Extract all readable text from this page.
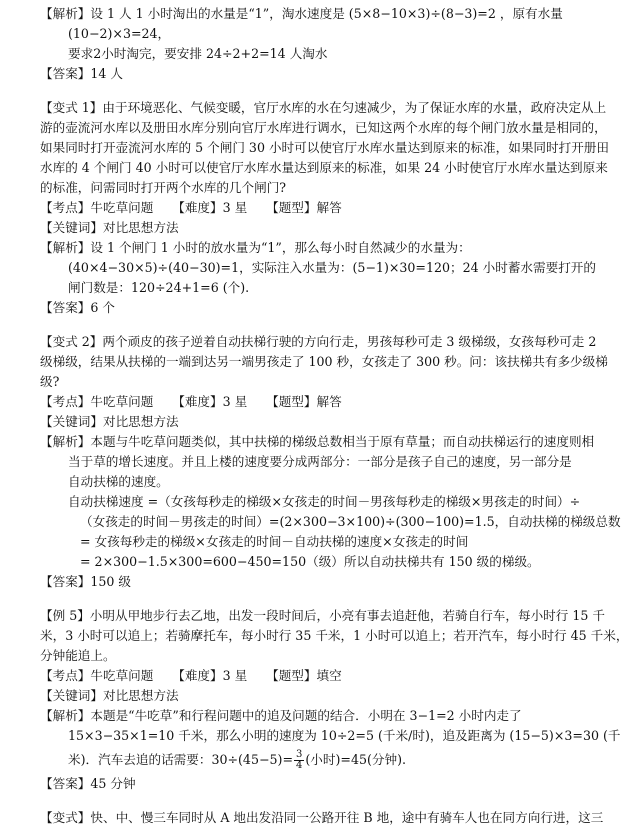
【解析】设 1 人 1 小时淘出的水量是“1”，淘水速度是 (5×8−10×3)÷(8−3)=2 ，原有水量
(10−2)×3=24，
要求2小时淘完，要安排 24÷2+2=14 人淘水
【答案】14 人
【变式 1】由于环境恶化、气候变暖，官厅水库的水在匀速减少，为了保证水库的水量，政府决定从上
游的壶流河水库以及册田水库分别向官厅水库进行调水，已知这两个水库的每个闸门放水量是相同的，
如果同时打开壶流河水库的 5 个闸门 30 小时可以使官厅水库水量达到原来的标准，如果同时打开册田
水库的 4 个闸门 40 小时可以使官厅水库水量达到原来的标准，如果 24 小时使官厅水库水量达到原来
的标准，问需同时打开两个水库的几个闸门?
【考点】牛吃草问题　　【难度】3 星　　【题型】解答
【关键词】对比思想方法
【解析】设 1 个闸门 1 小时的放水量为“1”，那么每小时自然减少的水量为：
(40×4−30×5)÷(40−30)=1，实际注入水量为：(5−1)×30=120；24 小时蓄水需要打开的
闸门数是：120÷24+1=6 (个).
【答案】6 个
【变式 2】两个顽皮的孩子逆着自动扶梯行驶的方向行走，男孩每秒可走 3 级梯级，女孩每秒可走 2
级梯级，结果从扶梯的一端到达另一端男孩走了 100 秒，女孩走了 300 秒。问：该扶梯共有多少级梯
级?
【考点】牛吃草问题　　【难度】3 星　　【题型】解答
【关键词】对比思想方法
【解析】本题与牛吃草问题类似，其中扶梯的梯级总数相当于原有草量；而自动扶梯运行的速度则相
当于草的增长速度。并且上楼的速度要分成两部分：一部分是孩子自己的速度，另一部分是
自动扶梯的速度。
自动扶梯速度 =（女孩每秒走的梯级×女孩走的时间－男孩每秒走的梯级×男孩走的时间）÷
（女孩走的时间－男孩走的时间）=(2×300−3×100)÷(300−100)=1.5，自动扶梯的梯级总数
= 女孩每秒走的梯级×女孩走的时间－自动扶梯的速度×女孩走的时间
= 2×300−1.5×300=600−450=150（级）所以自动扶梯共有 150 级的梯级。
【答案】150 级
【例 5】小明从甲地步行去乙地，出发一段时间后，小亮有事去追赶他，若骑自行车，每小时行 15 千
米，3 小时可以追上；若骑摩托车，每小时行 35 千米，1 小时可以追上；若开汽车，每小时行 45 千米，
分钟能追上。
【考点】牛吃草问题　　【难度】3 星　　【题型】填空
【关键词】对比思想方法
【解析】本题是“牛吃草”和行程问题中的追及问题的结合．小明在 3−1=2 小时内走了
15×3−35×1=10 千米，那么小明的速度为 10÷2=5 (千米/时)，追及距离为 (15−5)×3=30 (千
米)．汽车去追的话需要：$30\div(45-5)= \frac{3}{4}$ (小时)=45(分钟).
【答案】45 分钟
【变式】快、中、慢三车同时从 A 地出发沿同一公路开往 B 地，途中有骑车人也在同方向行进，这三
